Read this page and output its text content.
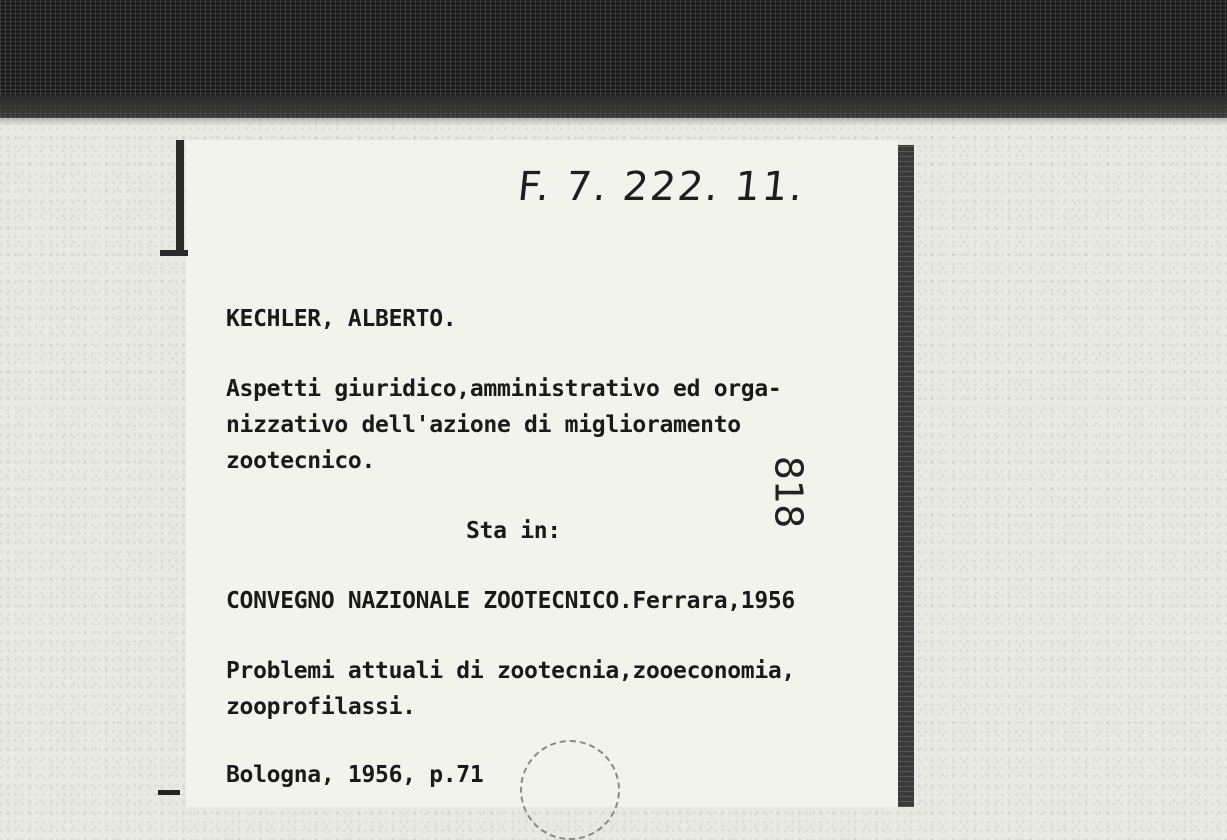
F. 7. 222. 11.
KECHLER, ALBERTO.
Aspetti giuridico,amministrativo ed orga-
nizzativo dell'azione di miglioramento
zootecnico.
Sta in:
CONVEGNO NAZIONALE ZOOTECNICO.Ferrara,1956
Problemi attuali di zootecnia,zooeconomia,
zooprofilassi.
Bologna, 1956, p.71
818
